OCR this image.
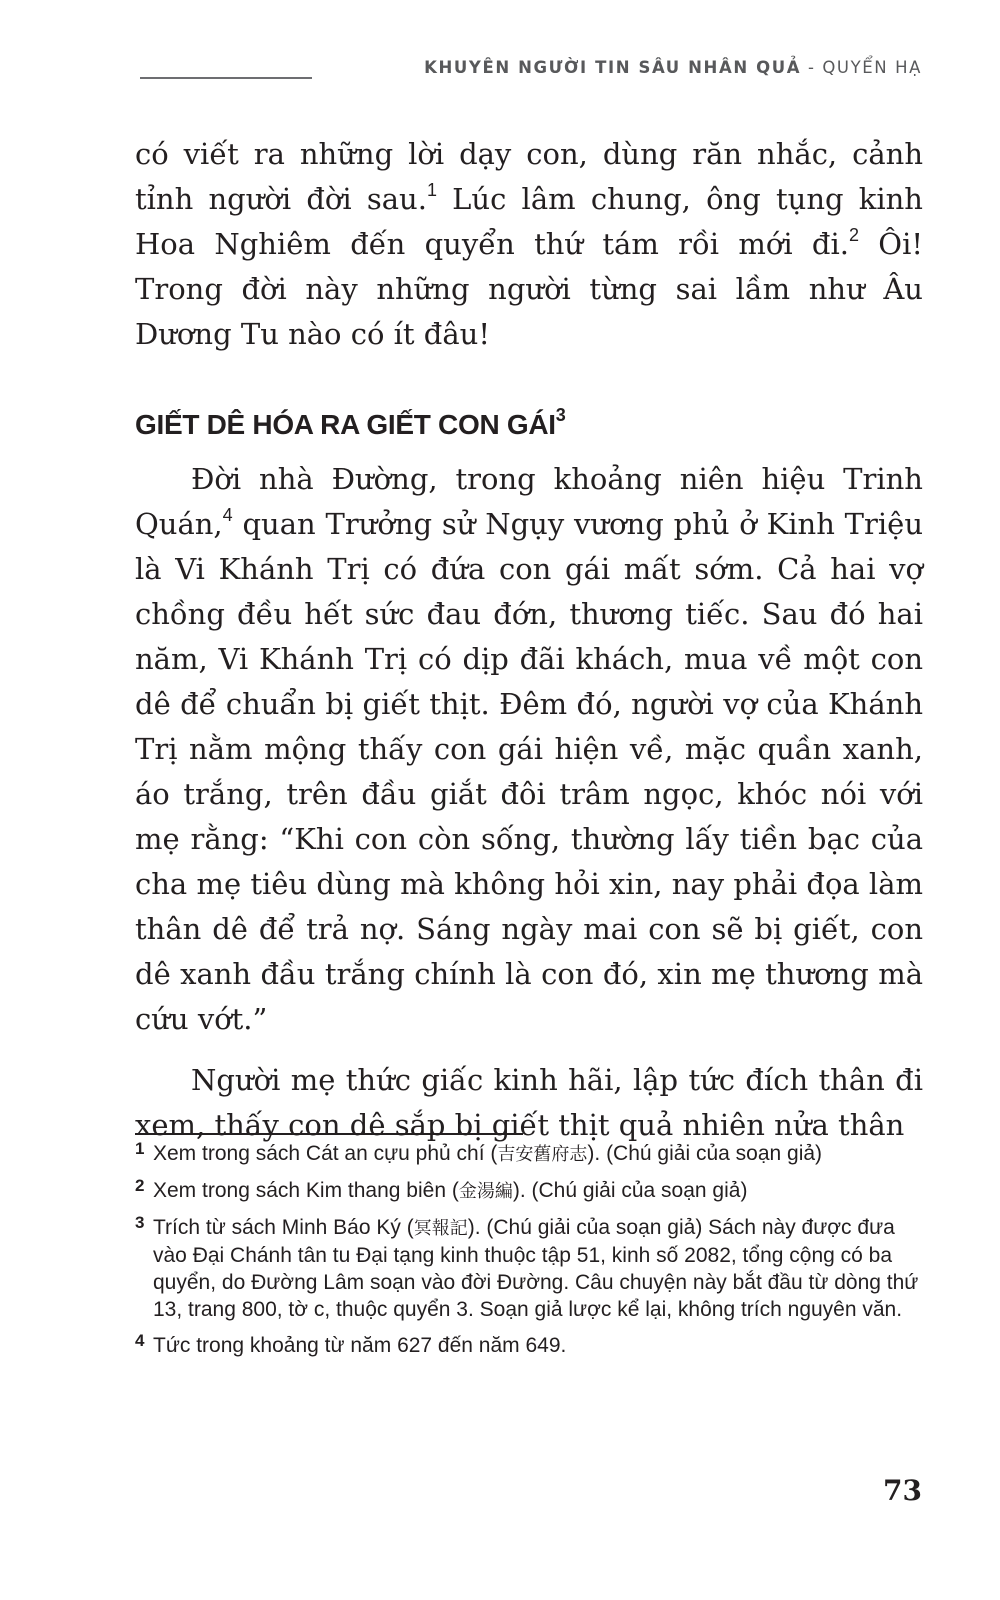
KHUYÊN NGƯỜI TIN SÂU NHÂN QUẢ - QUYỂN HẠ

có viết ra những lời dạy con, dùng răn nhắc, cảnh tỉnh người đời sau.$^1$ Lúc lâm chung, ông tụng kinh Hoa Nghiêm đến quyển thứ tám rồi mới đi.$^2$ Ôi! Trong đời này những người từng sai lầm như Âu Dương Tu nào có ít đâu!

GIẾT DÊ HÓA RA GIẾT CON GÁI$^3$

Đời nhà Đường, trong khoảng niên hiệu Trinh Quán,$^4$ quan Trưởng sử Ngụy vương phủ ở Kinh Triệu là Vi Khánh Trị có đứa con gái mất sớm. Cả hai vợ chồng đều hết sức đau đớn, thương tiếc. Sau đó hai năm, Vi Khánh Trị có dịp đãi khách, mua về một con dê để chuẩn bị giết thịt. Đêm đó, người vợ của Khánh Trị nằm mộng thấy con gái hiện về, mặc quần xanh, áo trắng, trên đầu giắt đôi trâm ngọc, khóc nói với mẹ rằng: “Khi con còn sống, thường lấy tiền bạc của cha mẹ tiêu dùng mà không hỏi xin, nay phải đọa làm thân dê để trả nợ. Sáng ngày mai con sẽ bị giết, con dê xanh đầu trắng chính là con đó, xin mẹ thương mà cứu vớt.”

Người mẹ thức giấc kinh hãi, lập tức đích thân đi xem, thấy con dê sắp bị giết thịt quả nhiên nửa thân

1 Xem trong sách Cát an cựu phủ chí (吉安舊府志). (Chú giải của soạn giả)
2 Xem trong sách Kim thang biên (金湯編). (Chú giải của soạn giả)
3 Trích từ sách Minh Báo Ký (冥報記). (Chú giải của soạn giả) Sách này được đưa vào Đại Chánh tân tu Đại tạng kinh thuộc tập 51, kinh số 2082, tổng cộng có ba quyển, do Đường Lâm soạn vào đời Đường. Câu chuyện này bắt đầu từ dòng thứ 13, trang 800, tờ c, thuộc quyển 3. Soạn giả lược kể lại, không trích nguyên văn.
4 Tức trong khoảng từ năm 627 đến năm 649.
73
